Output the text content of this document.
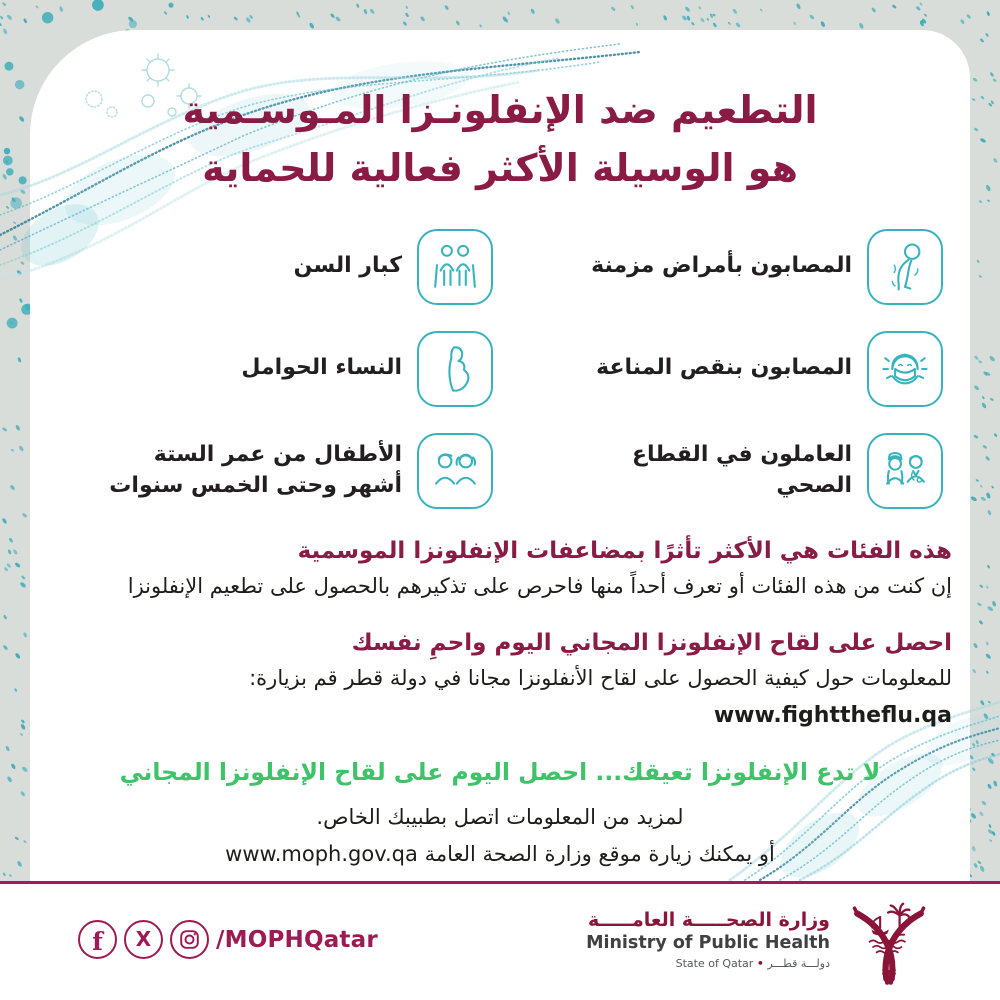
التطعيم ضد الإنفلونـزا المـوسـمية
هو الوسيلة الأكثر فعالية للحماية
المصابون بأمراض مزمنة
كبار السن
المصابون بنقص المناعة
النساء الحوامل
العاملون في القطاع الصحي
الأطفال من عمر الستة أشهر وحتى الخمس سنوات
هذه الفئات هي الأكثر تأثرًا بمضاعفات الإنفلونزا الموسمية
إن كنت من هذه الفئات أو تعرف أحداً منها فاحرص على تذكيرهم بالحصول على تطعيم الإنفلونزا
احصل على لقاح الإنفلونزا المجاني اليوم واحمِ نفسك
للمعلومات حول كيفية الحصول على لقاح الأنفلونزا مجانا في دولة قطر قم بزيارة:
www.fighttheflu.qa
لا تدع الإنفلونزا تعيقك... احصل اليوم على لقاح الإنفلونزا المجاني
لمزيد من المعلومات اتصل بطبيبك الخاص.
أو يمكنك زيارة موقع وزارة الصحة العامة www.moph.gov.qa
f X	/MOPHQatar
وزارة الصحـــــة العامـــــة
Ministry of Public Health
State of Qatar • دولـــة قطـــر
